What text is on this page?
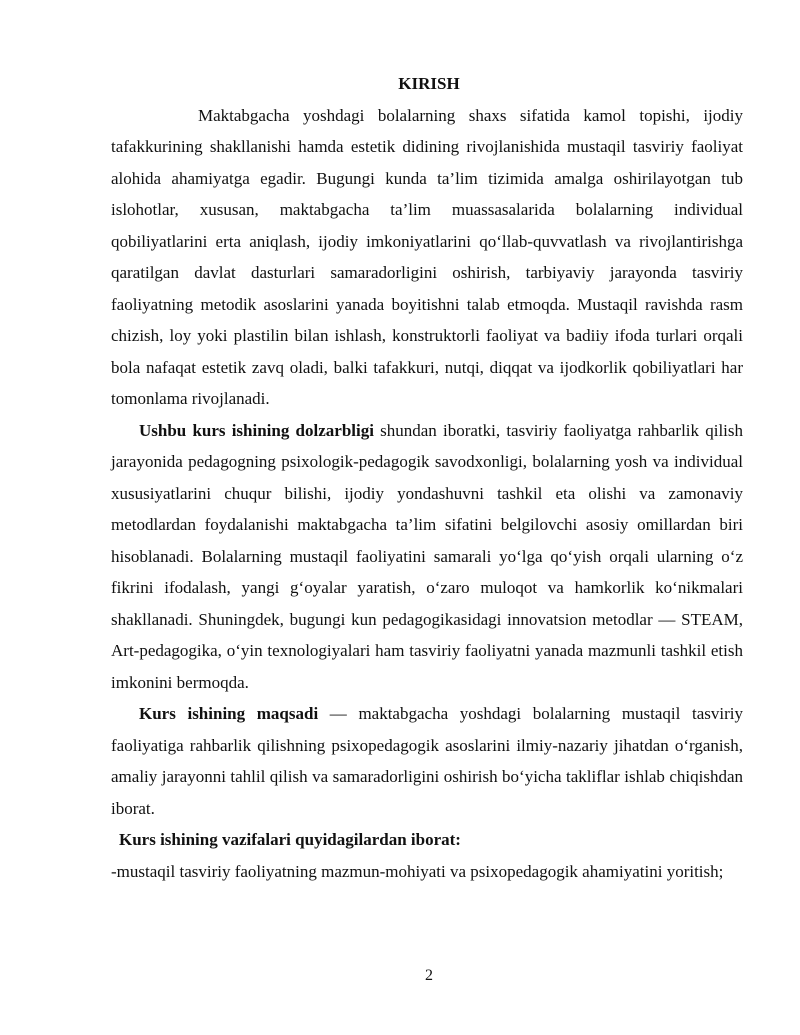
KIRISH

Maktabgacha yoshdagi bolalarning shaxs sifatida kamol topishi, ijodiy tafakkurining shakllanishi hamda estetik didining rivojlanishida mustaqil tasviriy faoliyat alohida ahamiyatga egadir. Bugungi kunda ta’lim tizimida amalga oshirilayotgan tub islohotlar, xususan, maktabgacha ta’lim muassasalarida bolalarning individual qobiliyatlarini erta aniqlash, ijodiy imkoniyatlarini qo‘llab-quvvatlash va rivojlantirishga qaratilgan davlat dasturlari samaradorligini oshirish, tarbiyaviy jarayonda tasviriy faoliyatning metodik asoslarini yanada boyitishni talab etmoqda. Mustaqil ravishda rasm chizish, loy yoki plastilin bilan ishlash, konstruktorli faoliyat va badiiy ifoda turlari orqali bola nafaqat estetik zavq oladi, balki tafakkuri, nutqi, diqqat va ijodkorlik qobiliyatlari har tomonlama rivojlanadi.

Ushbu kurs ishining dolzarbligi shundan iboratki, tasviriy faoliyatga rahbarlik qilish jarayonida pedagogning psixologik-pedagogik savodxonligi, bolalarning yosh va individual xususiyatlarini chuqur bilishi, ijodiy yondashuvni tashkil eta olishi va zamonaviy metodlardan foydalanishi maktabgacha ta’lim sifatini belgilovchi asosiy omillardan biri hisoblanadi. Bolalarning mustaqil faoliyatini samarali yo‘lga qo‘yish orqali ularning o‘z fikrini ifodalash, yangi g‘oyalar yaratish, o‘zaro muloqot va hamkorlik ko‘nikmalari shakllanadi. Shuningdek, bugungi kun pedagogikasidagi innovatsion metodlar — STEAM, Art-pedagogika, o‘yin texnologiyalari ham tasviriy faoliyatni yanada mazmunli tashkil etish imkonini bermoqda.

Kurs ishining maqsadi — maktabgacha yoshdagi bolalarning mustaqil tasviriy faoliyatiga rahbarlik qilishning psixopedagogik asoslarini ilmiy-nazariy jihatdan o‘rganish, amaliy jarayonni tahlil qilish va samaradorligini oshirish bo‘yicha takliflar ishlab chiqishdan iborat.

Kurs ishining vazifalari quyidagilardan iborat:

-mustaqil tasviriy faoliyatning mazmun-mohiyati va psixopedagogik ahamiyatini yoritish;

2
